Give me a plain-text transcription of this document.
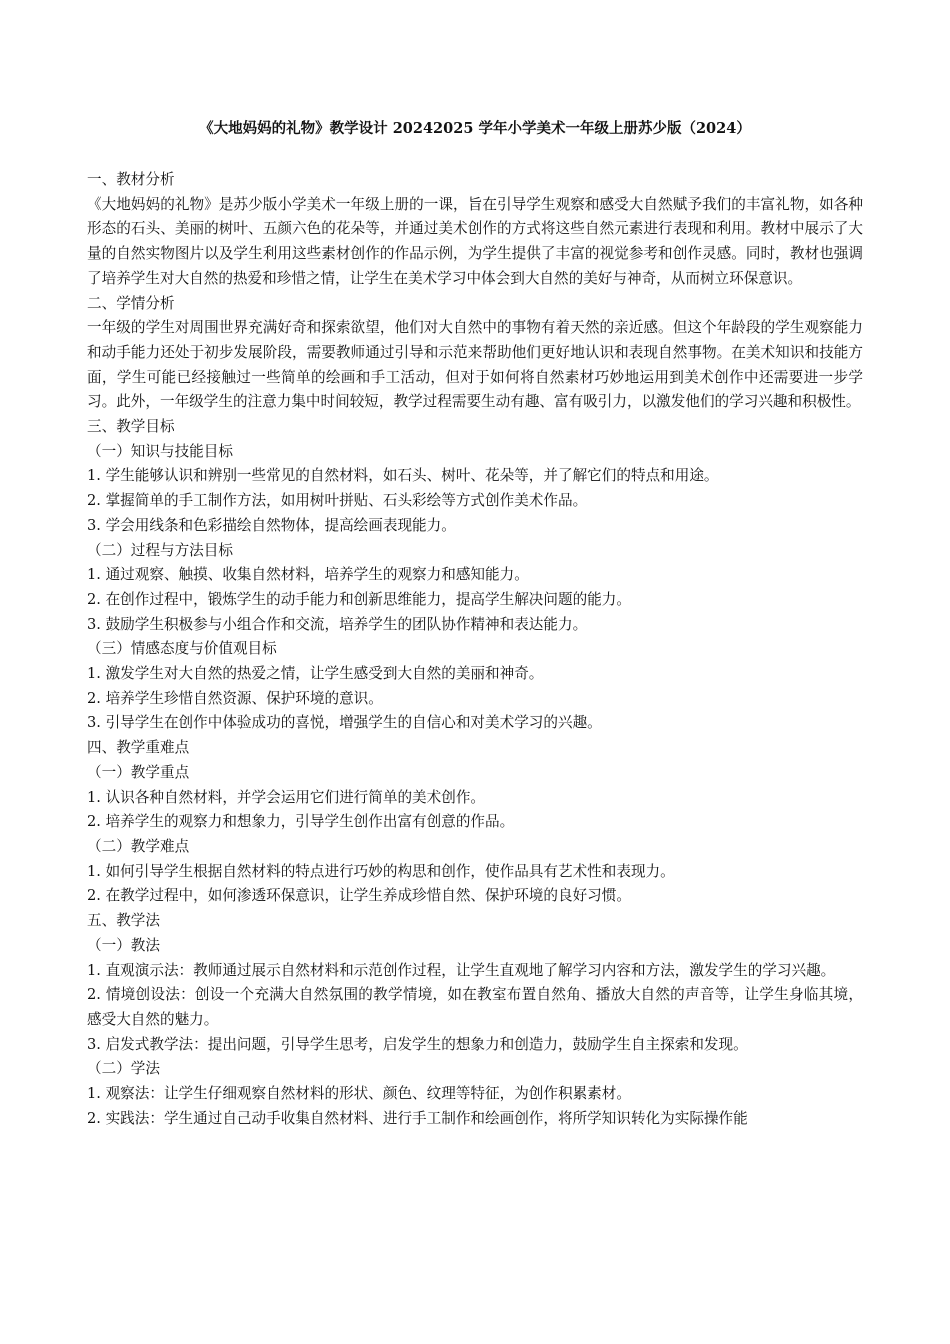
《大地妈妈的礼物》教学设计 20242025 学年小学美术一年级上册苏少版（2024）

一、教材分析

《大地妈妈的礼物》是苏少版小学美术一年级上册的一课，旨在引导学生观察和感受大自然赋予我们的丰富礼物，如各种形态的石头、美丽的树叶、五颜六色的花朵等，并通过美术创作的方式将这些自然元素进行表现和利用。教材中展示了大量的自然实物图片以及学生利用这些素材创作的作品示例，为学生提供了丰富的视觉参考和创作灵感。同时，教材也强调了培养学生对大自然的热爱和珍惜之情，让学生在美术学习中体会到大自然的美好与神奇，从而树立环保意识。

二、学情分析

一年级的学生对周围世界充满好奇和探索欲望，他们对大自然中的事物有着天然的亲近感。但这个年龄段的学生观察能力和动手能力还处于初步发展阶段，需要教师通过引导和示范来帮助他们更好地认识和表现自然事物。在美术知识和技能方面，学生可能已经接触过一些简单的绘画和手工活动，但对于如何将自然素材巧妙地运用到美术创作中还需要进一步学习。此外，一年级学生的注意力集中时间较短，教学过程需要生动有趣、富有吸引力，以激发他们的学习兴趣和积极性。

三、教学目标

（一）知识与技能目标

1. 学生能够认识和辨别一些常见的自然材料，如石头、树叶、花朵等，并了解它们的特点和用途。

2. 掌握简单的手工制作方法，如用树叶拼贴、石头彩绘等方式创作美术作品。

3. 学会用线条和色彩描绘自然物体，提高绘画表现能力。

（二）过程与方法目标

1. 通过观察、触摸、收集自然材料，培养学生的观察力和感知能力。

2. 在创作过程中，锻炼学生的动手能力和创新思维能力，提高学生解决问题的能力。

3. 鼓励学生积极参与小组合作和交流，培养学生的团队协作精神和表达能力。

（三）情感态度与价值观目标

1. 激发学生对大自然的热爱之情，让学生感受到大自然的美丽和神奇。

2. 培养学生珍惜自然资源、保护环境的意识。

3. 引导学生在创作中体验成功的喜悦，增强学生的自信心和对美术学习的兴趣。

四、教学重难点

（一）教学重点

1. 认识各种自然材料，并学会运用它们进行简单的美术创作。

2. 培养学生的观察力和想象力，引导学生创作出富有创意的作品。

（二）教学难点

1. 如何引导学生根据自然材料的特点进行巧妙的构思和创作，使作品具有艺术性和表现力。

2. 在教学过程中，如何渗透环保意识，让学生养成珍惜自然、保护环境的良好习惯。

五、教学法

（一）教法

1. 直观演示法：教师通过展示自然材料和示范创作过程，让学生直观地了解学习内容和方法，激发学生的学习兴趣。

2. 情境创设法：创设一个充满大自然氛围的教学情境，如在教室布置自然角、播放大自然的声音等，让学生身临其境，感受大自然的魅力。

3. 启发式教学法：提出问题，引导学生思考，启发学生的想象力和创造力，鼓励学生自主探索和发现。

（二）学法

1. 观察法：让学生仔细观察自然材料的形状、颜色、纹理等特征，为创作积累素材。

2. 实践法：学生通过自己动手收集自然材料、进行手工制作和绘画创作，将所学知识转化为实际操作能
